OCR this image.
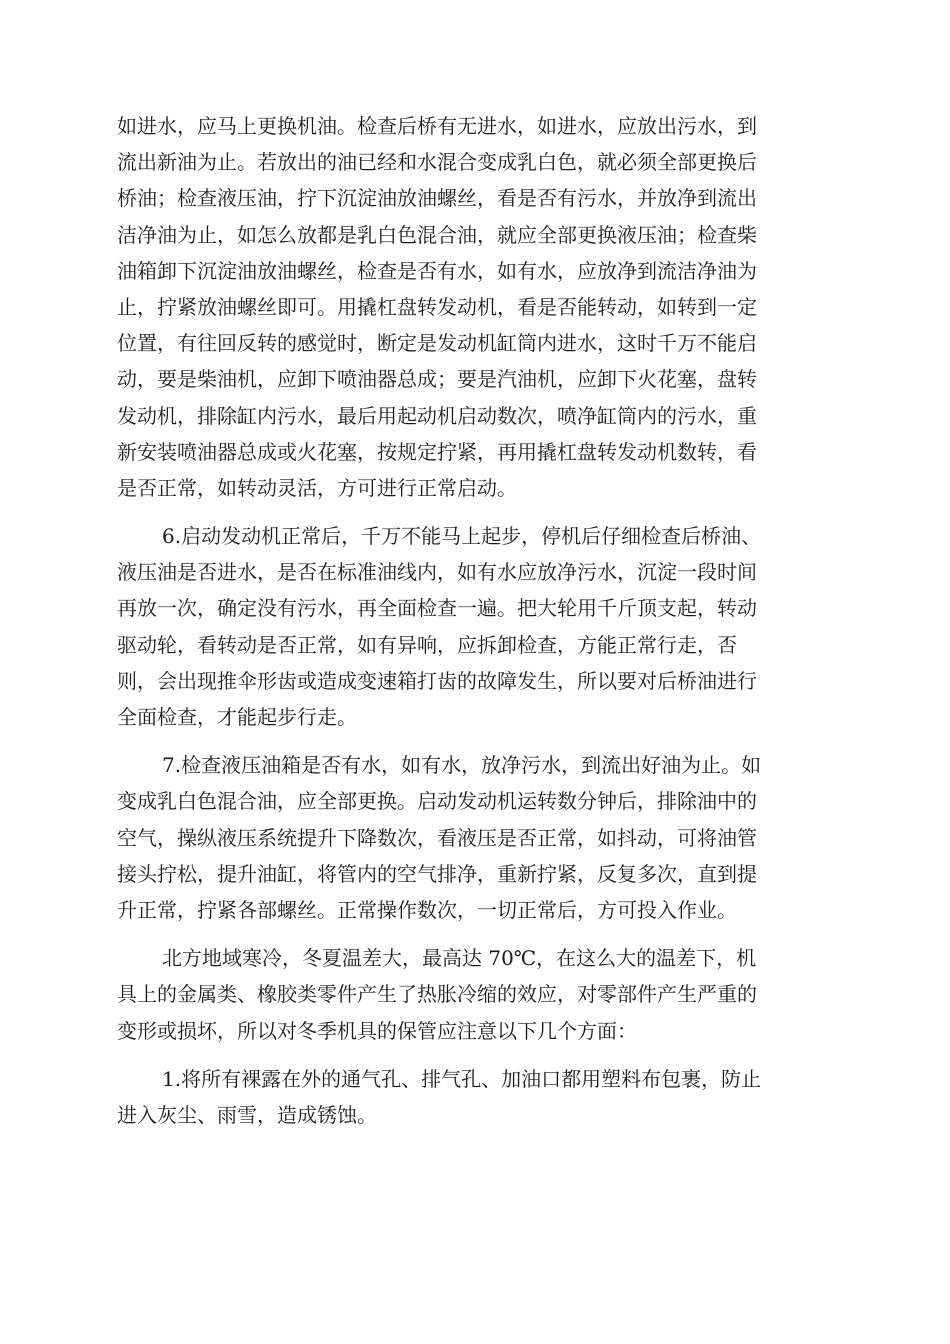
如进水，应马上更换机油。检查后桥有无进水，如进水，应放出污水，到
流出新油为止。若放出的油已经和水混合变成乳白色，就必须全部更换后
桥油；检查液压油，拧下沉淀油放油螺丝，看是否有污水，并放净到流出
洁净油为止，如怎么放都是乳白色混合油，就应全部更换液压油；检查柴
油箱卸下沉淀油放油螺丝，检查是否有水，如有水，应放净到流洁净油为
止，拧紧放油螺丝即可。用撬杠盘转发动机，看是否能转动，如转到一定
位置，有往回反转的感觉时，断定是发动机缸筒内进水，这时千万不能启
动，要是柴油机，应卸下喷油器总成；要是汽油机，应卸下火花塞，盘转
发动机，排除缸内污水，最后用起动机启动数次，喷净缸筒内的污水，重
新安装喷油器总成或火花塞，按规定拧紧，再用撬杠盘转发动机数转，看
是否正常，如转动灵活，方可进行正常启动。
6.启动发动机正常后，千万不能马上起步，停机后仔细检查后桥油、
液压油是否进水，是否在标准油线内，如有水应放净污水，沉淀一段时间
再放一次，确定没有污水，再全面检查一遍。把大轮用千斤顶支起，转动
驱动轮，看转动是否正常，如有异响，应拆卸检查，方能正常行走，否
则，会出现推伞形齿或造成变速箱打齿的故障发生，所以要对后桥油进行
全面检查，才能起步行走。
7.检查液压油箱是否有水，如有水，放净污水，到流出好油为止。如
变成乳白色混合油，应全部更换。启动发动机运转数分钟后，排除油中的
空气，操纵液压系统提升下降数次，看液压是否正常，如抖动，可将油管
接头拧松，提升油缸，将管内的空气排净，重新拧紧，反复多次，直到提
升正常，拧紧各部螺丝。正常操作数次，一切正常后，方可投入作业。
北方地域寒冷，冬夏温差大，最高达 70℃，在这么大的温差下，机
具上的金属类、橡胶类零件产生了热胀冷缩的效应，对零部件产生严重的
变形或损坏，所以对冬季机具的保管应注意以下几个方面：
1.将所有裸露在外的通气孔、排气孔、加油口都用塑料布包裹，防止
进入灰尘、雨雪，造成锈蚀。
